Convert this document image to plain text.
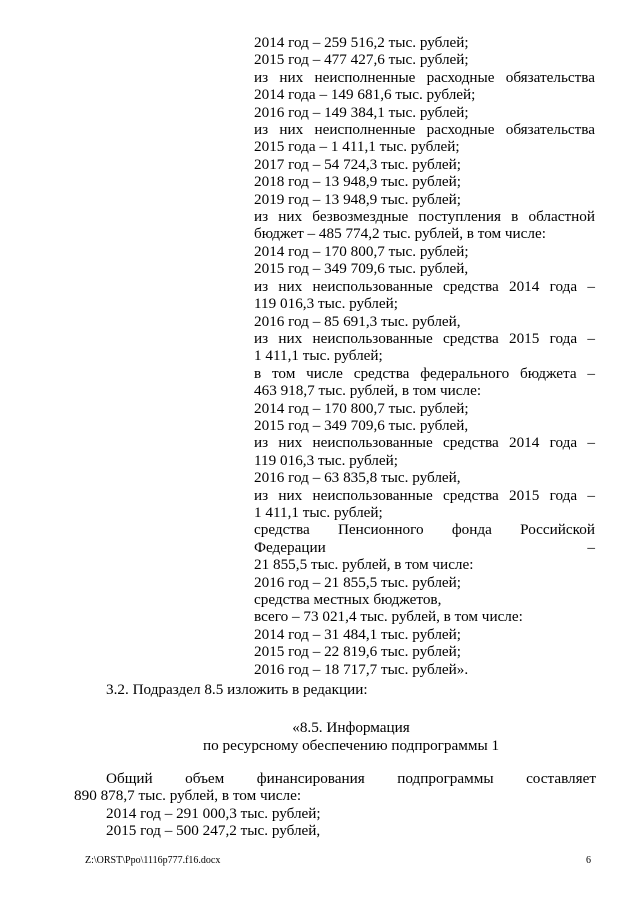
2014 год – 259 516,2 тыс. рублей;
2015 год – 477 427,6 тыс. рублей;
из них неисполненные расходные обязательства
2014 года – 149 681,6 тыс. рублей;
2016 год – 149 384,1 тыс. рублей;
из них неисполненные расходные обязательства
2015 года – 1 411,1 тыс. рублей;
2017 год – 54 724,3 тыс. рублей;
2018 год – 13 948,9 тыс. рублей;
2019 год – 13 948,9 тыс. рублей;
из них безвозмездные поступления в областной
бюджет – 485 774,2 тыс. рублей, в том числе:
2014 год – 170 800,7 тыс. рублей;
2015 год – 349 709,6 тыс. рублей,
из них неиспользованные средства 2014 года –
119 016,3 тыс. рублей;
2016 год – 85 691,3 тыс. рублей,
из них неиспользованные средства 2015 года –
1 411,1 тыс. рублей;
в том числе средства федерального бюджета –
463 918,7 тыс. рублей, в том числе:
2014 год – 170 800,7 тыс. рублей;
2015 год – 349 709,6 тыс. рублей,
из них неиспользованные средства 2014 года –
119 016,3 тыс. рублей;
2016 год – 63 835,8 тыс. рублей,
из них неиспользованные средства 2015 года –
1 411,1 тыс. рублей;
средства Пенсионного фонда Российской Федерации –
21 855,5 тыс. рублей, в том числе:
2016 год – 21 855,5 тыс. рублей;
средства местных бюджетов,
всего – 73 021,4 тыс. рублей, в том числе:
2014 год – 31 484,1 тыс. рублей;
2015 год – 22 819,6 тыс. рублей;
2016 год – 18 717,7 тыс. рублей».
3.2. Подраздел 8.5 изложить в редакции:
«8.5. Информация
по ресурсному обеспечению подпрограммы 1
Общий объем финансирования подпрограммы составляет
890 878,7 тыс. рублей, в том числе:
2014 год – 291 000,3 тыс. рублей;
2015 год – 500 247,2 тыс. рублей,
Z:\ORST\Ppo\1116p777.f16.docx	6
